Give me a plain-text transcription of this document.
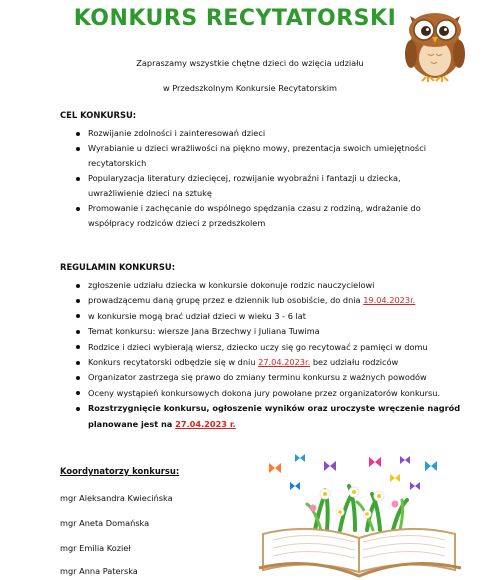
KONKURS RECYTATORSKI
Zapraszamy wszystkie chętne dzieci do wzięcia udziału
w Przedszkolnym Konkursie Recytatorskim
CEL KONKURSU:
Rozwijanie zdolności i zainteresowań dzieci
Wyrabianie u dzieci wrażliwości na piękno mowy, prezentacja swoich umiejętności
recytatorskich
Popularyzacja literatury dziecięcej, rozwijanie wyobraźni i fantazji u dziecka,
uwrażliwienie dzieci na sztukę
Promowanie i zachęcanie do wspólnego spędzania czasu z rodziną, wdrażanie do
współpracy rodziców dzieci z przedszkolem
REGULAMIN KONKURSU:
zgłoszenie udziału dziecka w konkursie dokonuje rodzic nauczycielowi
prowadzącemu daną grupę przez e dziennik lub osobiście, do dnia 19.04.2023r.
w konkursie mogą brać udział dzieci w wieku 3 - 6 lat
Temat konkursu: wiersze Jana Brzechwy i Juliana Tuwima
Rodzice i dzieci wybierają wiersz, dziecko uczy się go recytować z pamięci w domu
Konkurs recytatorski odbędzie się w dniu 27.04.2023r. bez udziału rodziców
Organizator zastrzega się prawo do zmiany terminu konkursu z ważnych powodów
Oceny wystąpień konkursowych dokona jury powołane przez organizatorów konkursu.
Rozstrzygnięcie konkursu, ogłoszenie wyników oraz uroczyste wręczenie nagród
planowane jest na 27.04.2023 r.
Koordynatorzy konkursu:
mgr Aleksandra Kwiecińska
mgr Aneta Domańska
mgr Emilia Kozieł
mgr Anna Paterska
